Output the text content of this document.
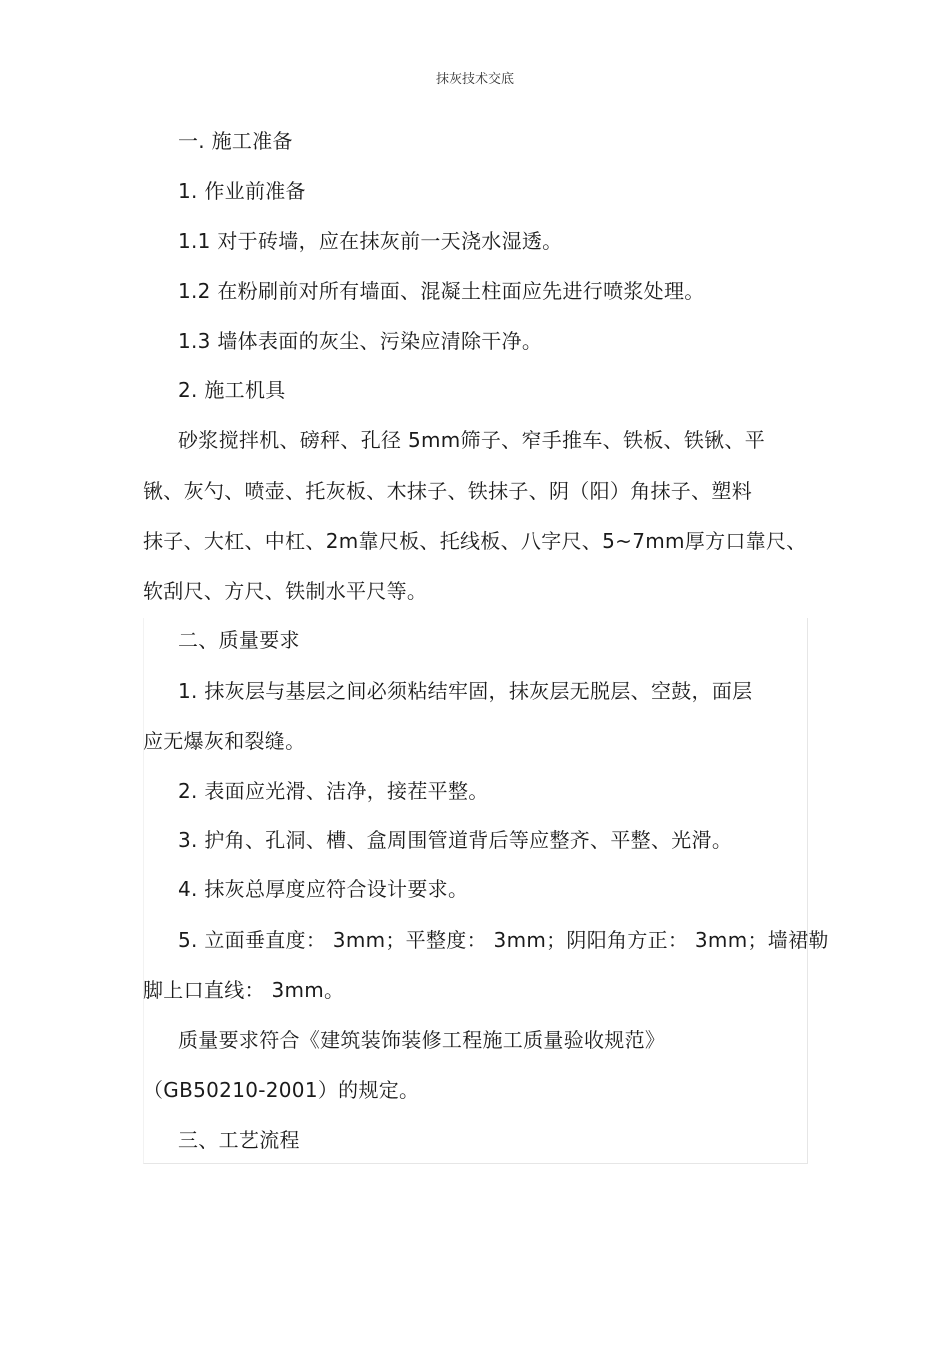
抹灰技术交底
一. 施工准备
1. 作业前准备
1.1 对于砖墙，应在抹灰前一天浇水湿透。
1.2 在粉刷前对所有墙面、混凝土柱面应先进行喷浆处理。
1.3 墙体表面的灰尘、污染应清除干净。
2. 施工机具
砂浆搅拌机、磅秤、孔径 5mm筛子、窄手推车、铁板、铁锹、平
锹、灰勺、喷壶、托灰板、木抹子、铁抹子、阴（阳）角抹子、塑料
抹子、大杠、中杠、2m靠尺板、托线板、八字尺、5~7mm厚方口靠尺、
软刮尺、方尺、铁制水平尺等。
二、质量要求
1. 抹灰层与基层之间必须粘结牢固，抹灰层无脱层、空鼓，面层
应无爆灰和裂缝。
2. 表面应光滑、洁净，接茬平整。
3. 护角、孔洞、槽、盒周围管道背后等应整齐、平整、光滑。
4. 抹灰总厚度应符合设计要求。
5. 立面垂直度： 3mm；平整度： 3mm；阴阳角方正： 3mm；墙裙勒
脚上口直线： 3mm。
质量要求符合《建筑装饰装修工程施工质量验收规范》
（GB50210-2001）的规定。
三、工艺流程
